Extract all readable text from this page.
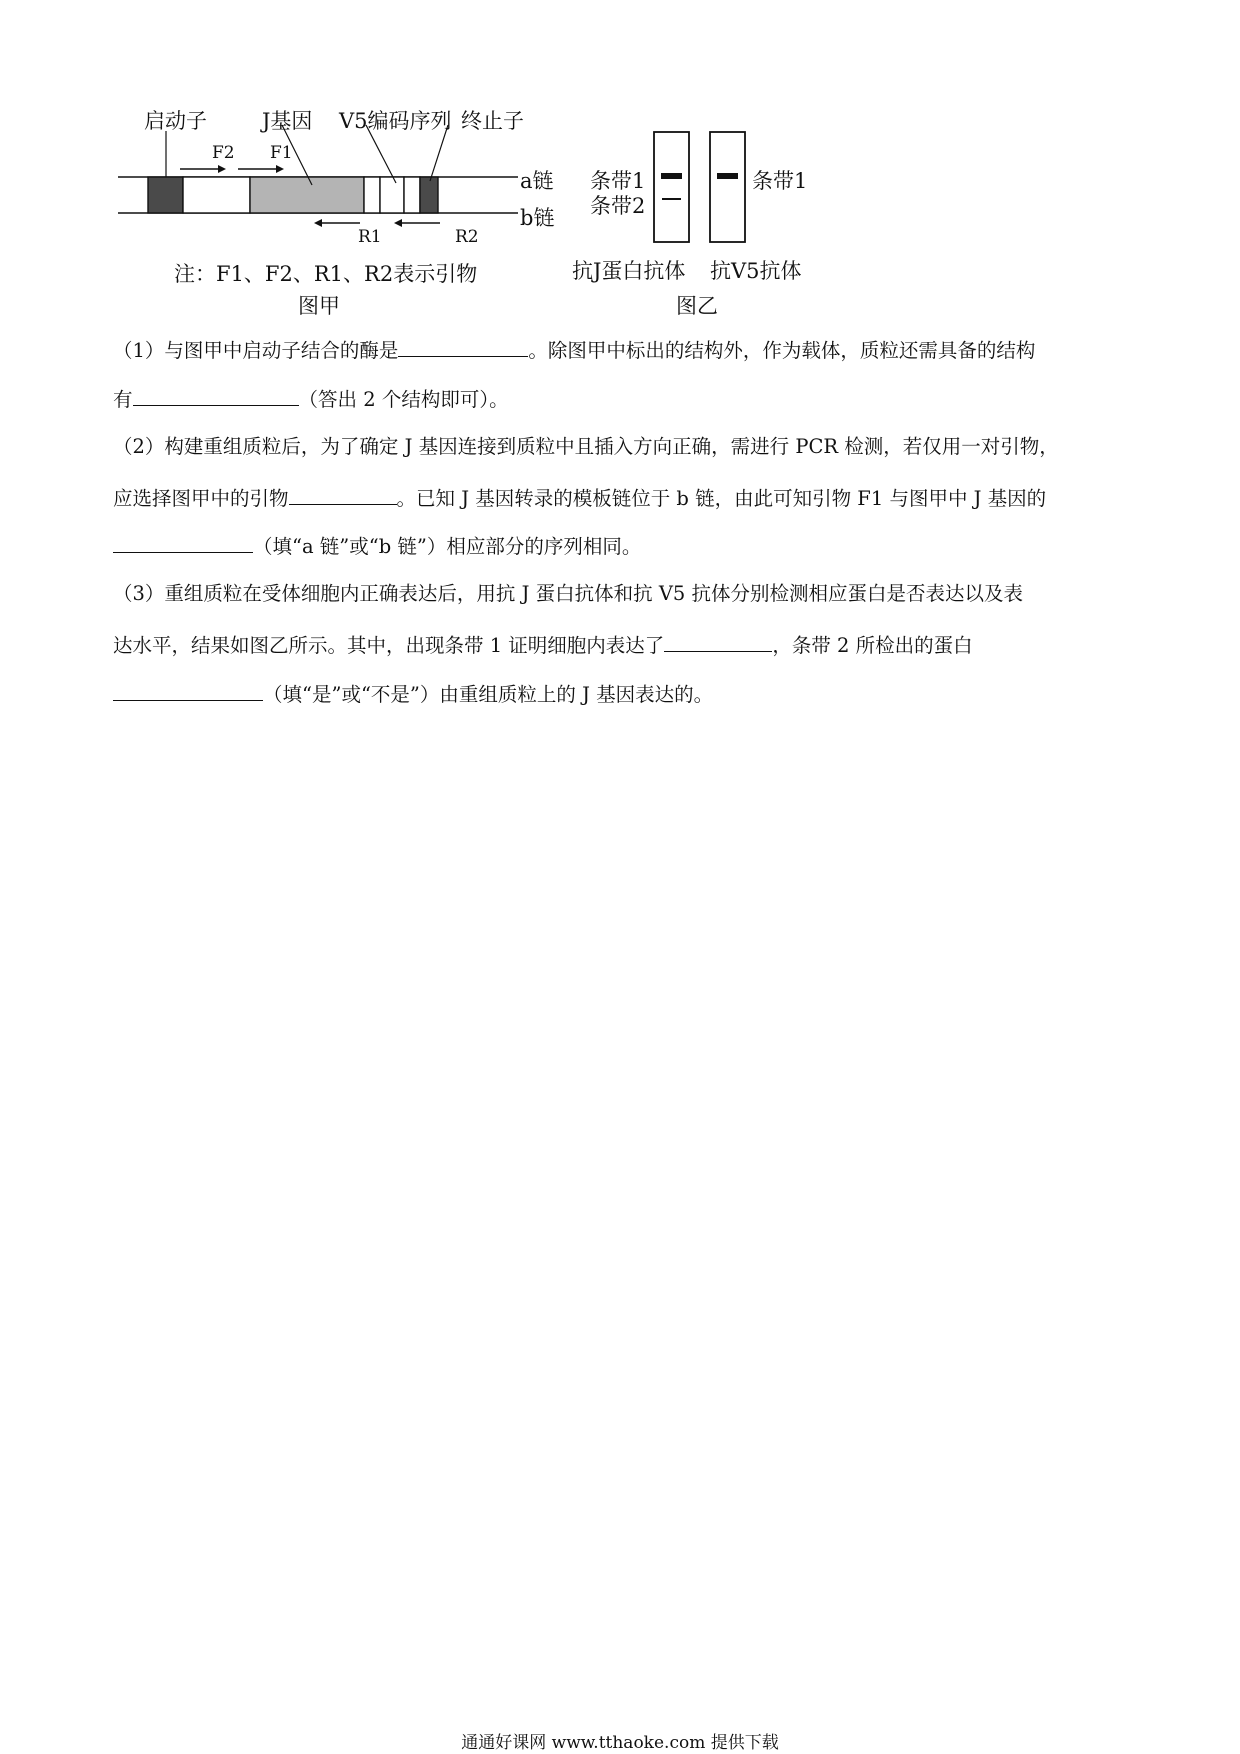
启动子	J基因 V5编码序列 终止子
F2 F1
R1	R2
a链
b链
注：F1、F2、R1、R2表示引物
图甲
条带1
条带2
条带1
抗J蛋白抗体 抗V5抗体
图乙
（1）与图甲中启动子结合的酶是	。除图甲中标出的结构外，作为载体，质粒还需具备的结构
有	（答出 2 个结构即可）。
（2）构建重组质粒后，为了确定 J 基因连接到质粒中且插入方向正确，需进行 PCR 检测，若仅用一对引物，
应选择图甲中的引物	。已知 J 基因转录的模板链位于 b 链，由此可知引物 F1 与图甲中 J 基因的
（填“a 链”或“b 链”）相应部分的序列相同。
（3）重组质粒在受体细胞内正确表达后，用抗 J 蛋白抗体和抗 V5 抗体分别检测相应蛋白是否表达以及表
达水平，结果如图乙所示。其中，出现条带 1 证明细胞内表达了	，条带 2 所检出的蛋白
（填“是”或“不是”）由重组质粒上的 J 基因表达的。
通通好课网 www.tthaoke.com 提供下载
